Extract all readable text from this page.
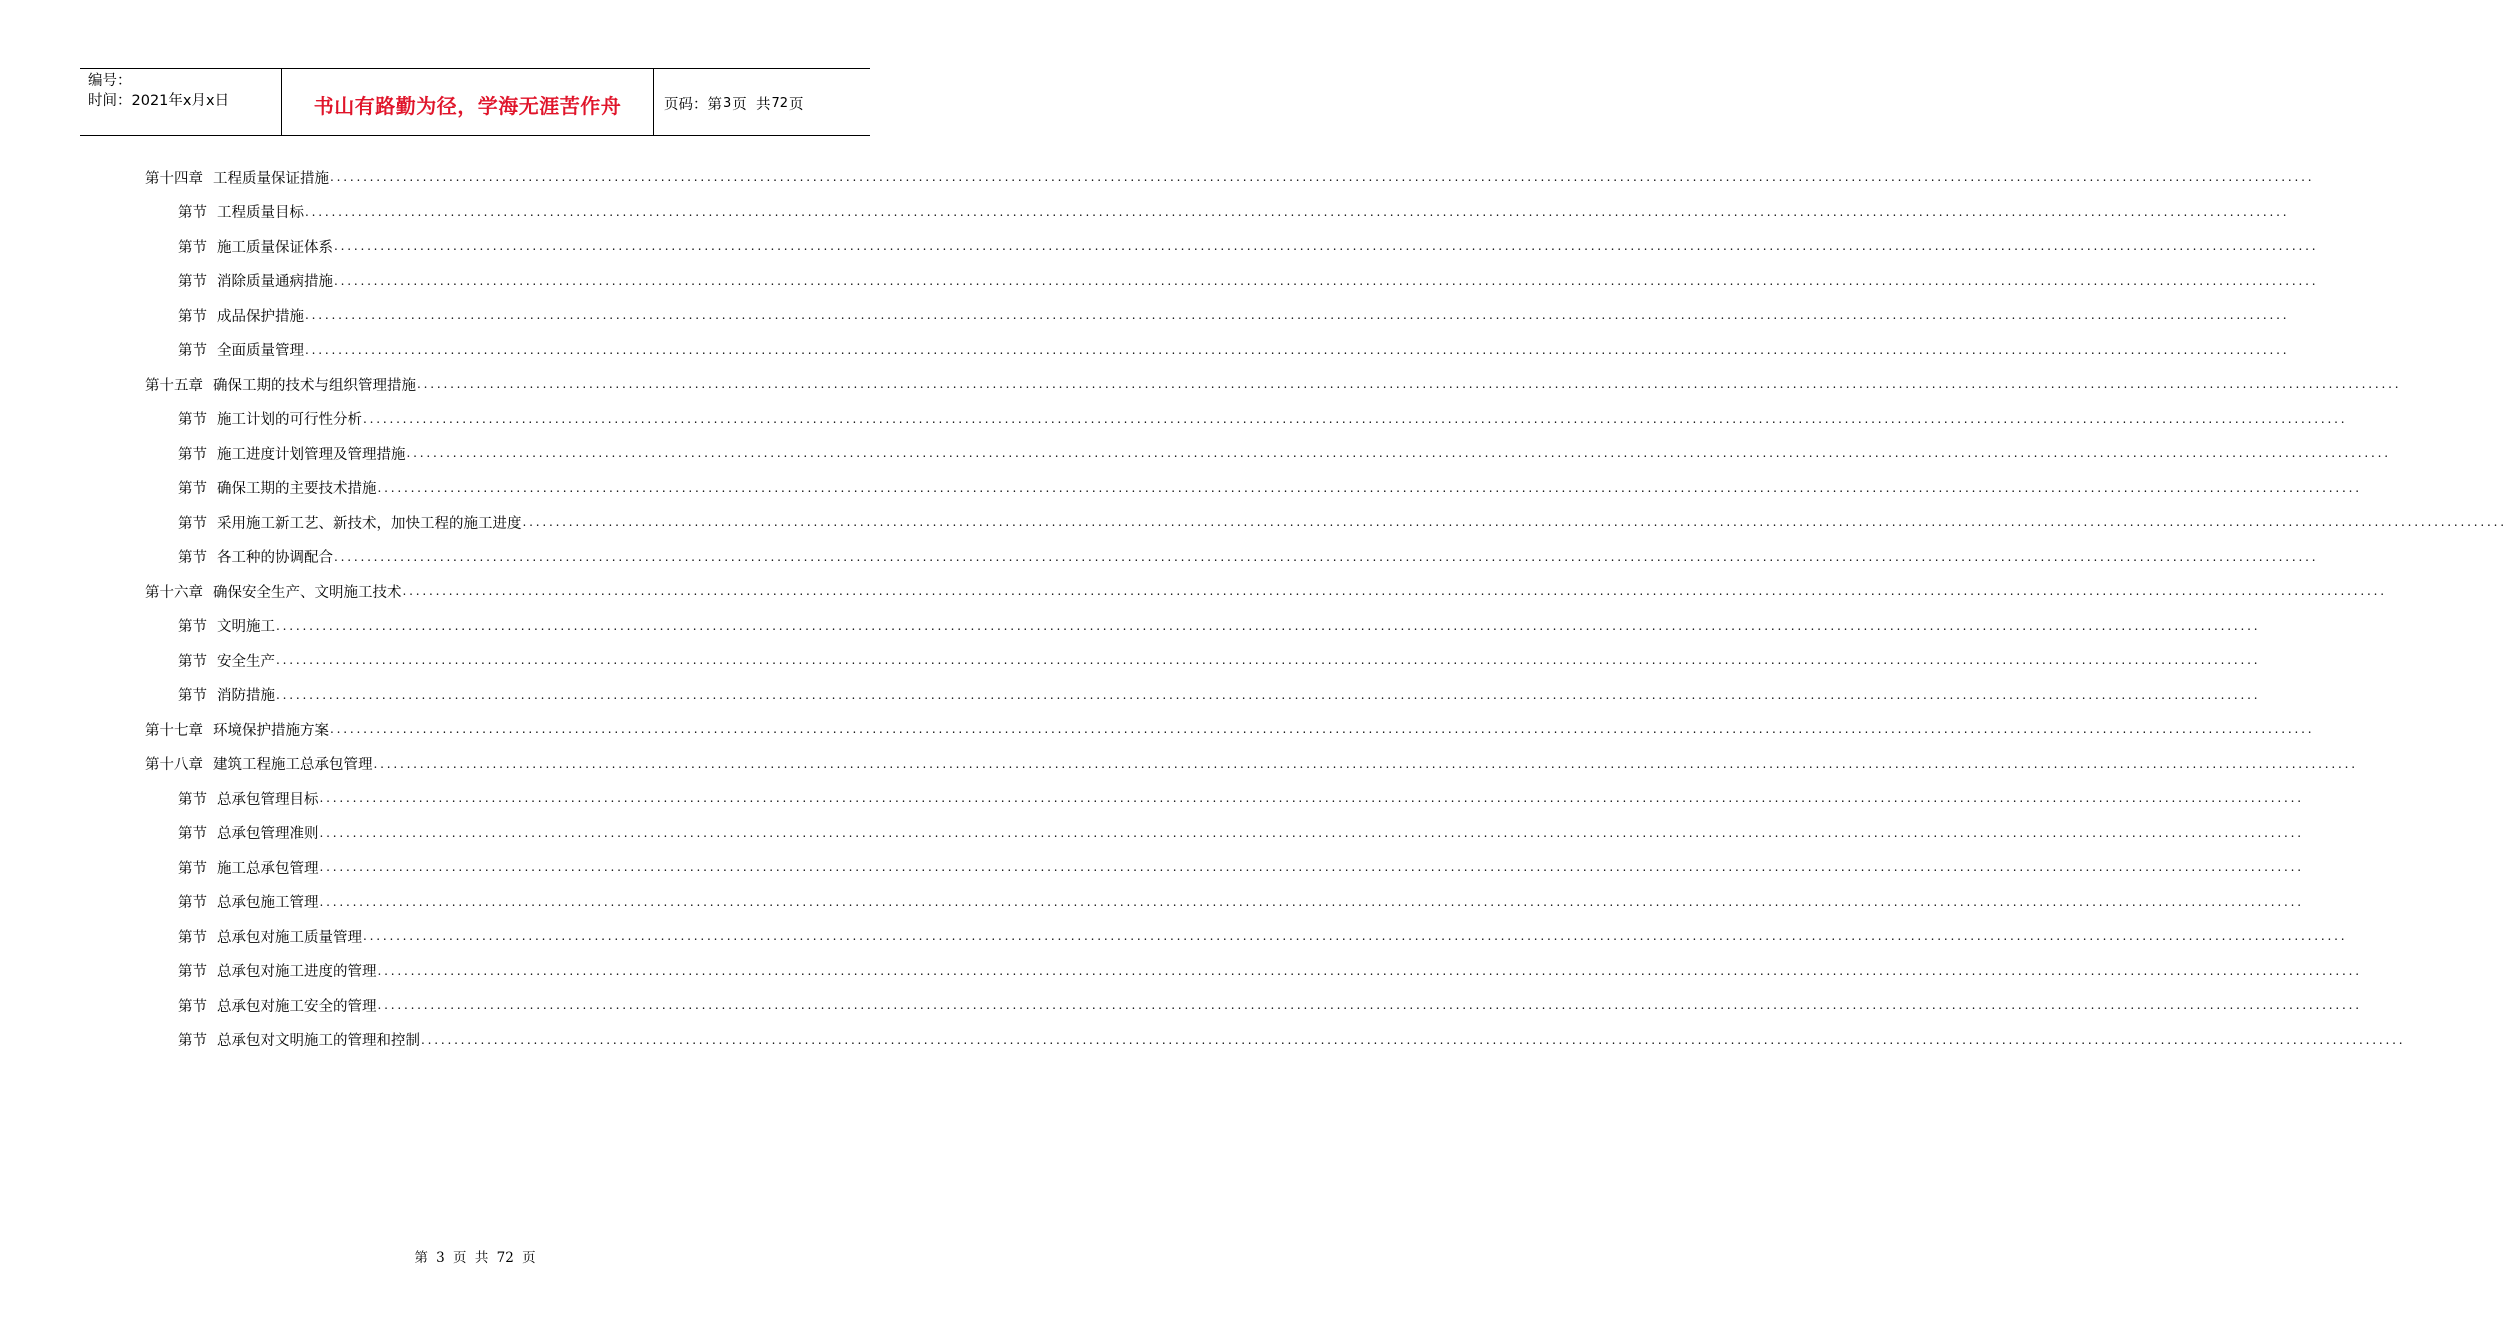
编号：
时间：2021年x月x日	书山有路勤为径，学海无涯苦作舟	页码：第 3 页  共 72 页
第十四章 工程质量保证措施 ............................................................................................................................................................................................................................................................................................................
第节 工程质量目标 ............................................................................................................................................................................................................................................................................................................
第节 施工质量保证体系 ............................................................................................................................................................................................................................................................................................................
第节 消除质量通病措施 ............................................................................................................................................................................................................................................................................................................
第节 成品保护措施 ............................................................................................................................................................................................................................................................................................................
第节 全面质量管理 ............................................................................................................................................................................................................................................................................................................
第十五章 确保工期的技术与组织管理措施 ............................................................................................................................................................................................................................................................................................................
第节 施工计划的可行性分析 ............................................................................................................................................................................................................................................................................................................
第节 施工进度计划管理及管理措施 ............................................................................................................................................................................................................................................................................................................
第节 确保工期的主要技术措施 ............................................................................................................................................................................................................................................................................................................
第节 采用施工新工艺、新技术，加快工程的施工进度 ............................................................................................................................................................................................................................................................................................................
第节 各工种的协调配合 ............................................................................................................................................................................................................................................................................................................
第十六章 确保安全生产、文明施工技术 ............................................................................................................................................................................................................................................................................................................
第节 文明施工 ............................................................................................................................................................................................................................................................................................................
第节 安全生产 ............................................................................................................................................................................................................................................................................................................
第节 消防措施 ............................................................................................................................................................................................................................................................................................................
第十七章 环境保护措施方案 ............................................................................................................................................................................................................................................................................................................
第十八章 建筑工程施工总承包管理 ............................................................................................................................................................................................................................................................................................................
第节 总承包管理目标 ............................................................................................................................................................................................................................................................................................................
第节 总承包管理准则 ............................................................................................................................................................................................................................................................................................................
第节 施工总承包管理 ............................................................................................................................................................................................................................................................................................................
第节 总承包施工管理 ............................................................................................................................................................................................................................................................................................................
第节 总承包对施工质量管理 ............................................................................................................................................................................................................................................................................................................
第节 总承包对施工进度的管理 ............................................................................................................................................................................................................................................................................................................
第节 总承包对施工安全的管理 ............................................................................................................................................................................................................................................................................................................
第节 总承包对文明施工的管理和控制 ............................................................................................................................................................................................................................................................................................................
第 3 页 共 72 页
